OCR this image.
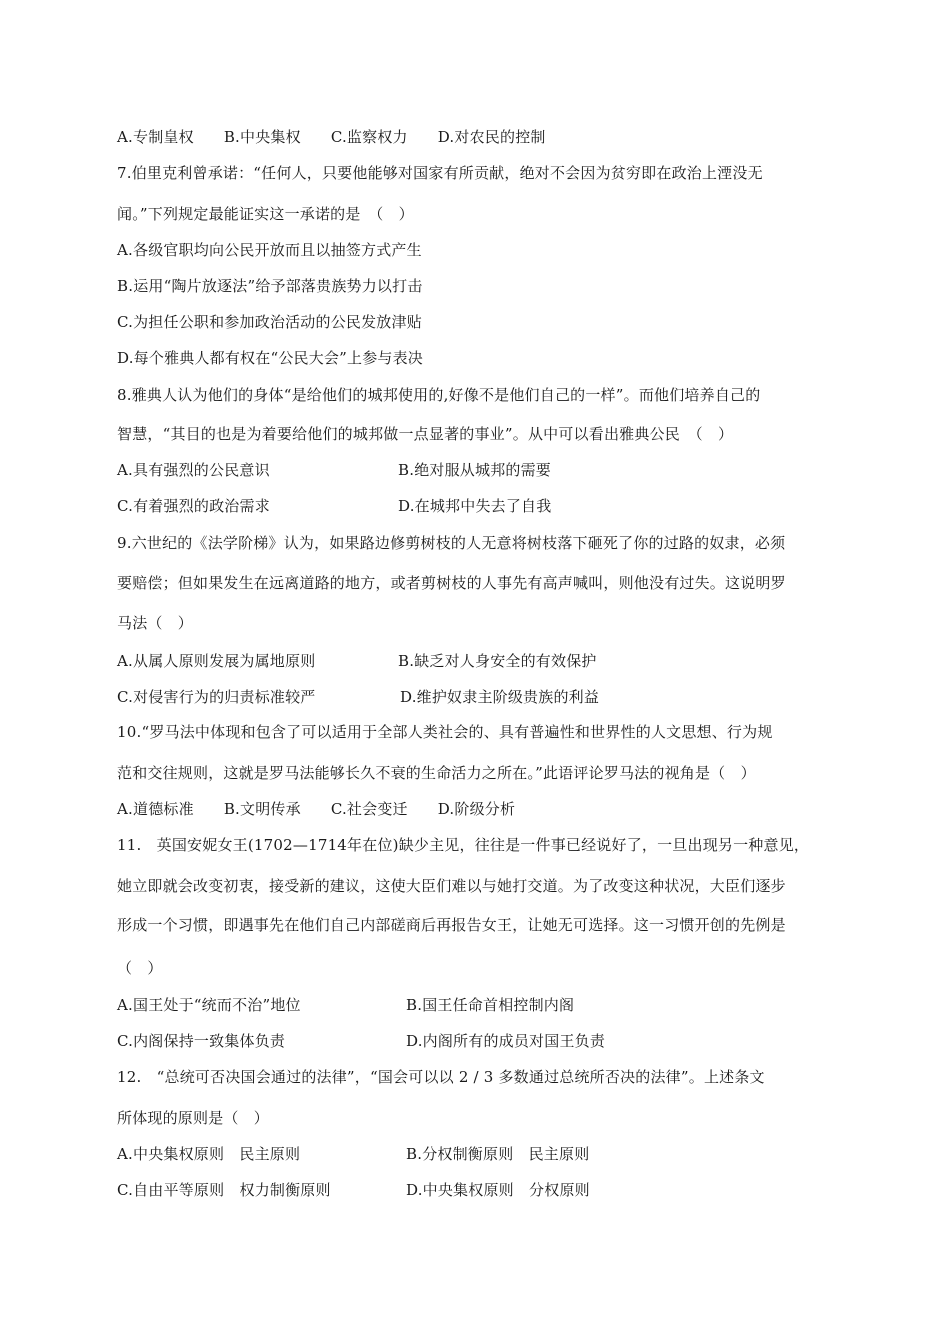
A.专制皇权 B.中央集权 C.监察权力 D.对农民的控制
7.伯里克利曾承诺：“任何人，只要他能够对国家有所贡献，绝对不会因为贫穷即在政治上湮没无
闻。”下列规定最能证实这一承诺的是　（　）
A.各级官职均向公民开放而且以抽签方式产生
B.运用“陶片放逐法”给予部落贵族势力以打击
C.为担任公职和参加政治活动的公民发放津贴
D.每个雅典人都有权在“公民大会”上参与表决
8.雅典人认为他们的身体“是给他们的城邦使用的,好像不是他们自己的一样”。而他们培养自己的
智慧，“其目的也是为着要给他们的城邦做一点显著的事业”。从中可以看出雅典公民　（　）
A.具有强烈的公民意识	B.绝对服从城邦的需要
C.有着强烈的政治需求	D.在城邦中失去了自我
9.六世纪的《法学阶梯》认为，如果路边修剪树枝的人无意将树枝落下砸死了你的过路的奴隶，必须
要赔偿；但如果发生在远离道路的地方，或者剪树枝的人事先有高声喊叫，则他没有过失。这说明罗
马法（　）
A.从属人原则发展为属地原则	B.缺乏对人身安全的有效保护
C.对侵害行为的归责标准较严	D.维护奴隶主阶级贵族的利益
10.“罗马法中体现和包含了可以适用于全部人类社会的、具有普遍性和世界性的人文思想、行为规
范和交往规则，这就是罗马法能够长久不衰的生命活力之所在。”此语评论罗马法的视角是（　）
A.道德标准 B.文明传承 C.社会变迁 D.阶级分析
11.　英国安妮女王(1702—1714年在位)缺少主见，往往是一件事已经说好了，一旦出现另一种意见，
她立即就会改变初衷，接受新的建议，这使大臣们难以与她打交道。为了改变这种状况，大臣们逐步
形成一个习惯，即遇事先在他们自己内部磋商后再报告女王，让她无可选择。这一习惯开创的先例是
（　）
A.国王处于“统而不治”地位	B.国王任命首相控制内阁
C.内阁保持一致集体负责	D.内阁所有的成员对国王负责
12.　“总统可否决国会通过的法律”，“国会可以以 2 / 3 多数通过总统所否决的法律”。上述条文
所体现的原则是（　）
A.中央集权原则　民主原则	B.分权制衡原则　民主原则
C.自由平等原则　权力制衡原则	D.中央集权原则　分权原则
